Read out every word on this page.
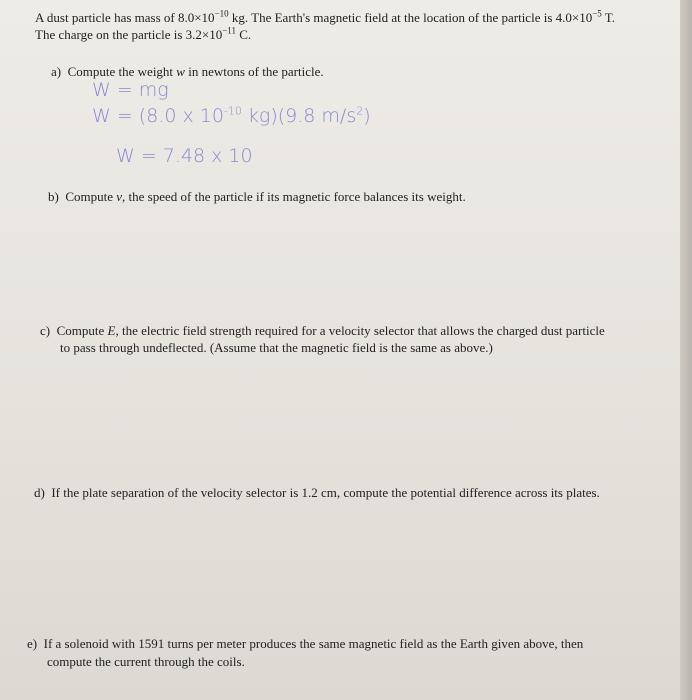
A dust particle has mass of $8.0\times 10^{-10}$ kg. The Earth's magnetic field at the location of the particle is $4.0\times 10^{-5}$ T.
The charge on the particle is $3.2\times 10^{-11}$ C.
a) Compute the weight w in newtons of the particle.
W = mg
W = (8.0 x $10^{-10}$ kg)(9.8 $m/s^2$)
W = 7.48 x 10
b) Compute v, the speed of the particle if its magnetic force balances its weight.
c) Compute E, the electric field strength required for a velocity selector that allows the charged dust particle
to pass through undeflected. (Assume that the magnetic field is the same as above.)
d) If the plate separation of the velocity selector is 1.2 cm, compute the potential difference across its plates.
e) If a solenoid with 1591 turns per meter produces the same magnetic field as the Earth given above, then
compute the current through the coils.
